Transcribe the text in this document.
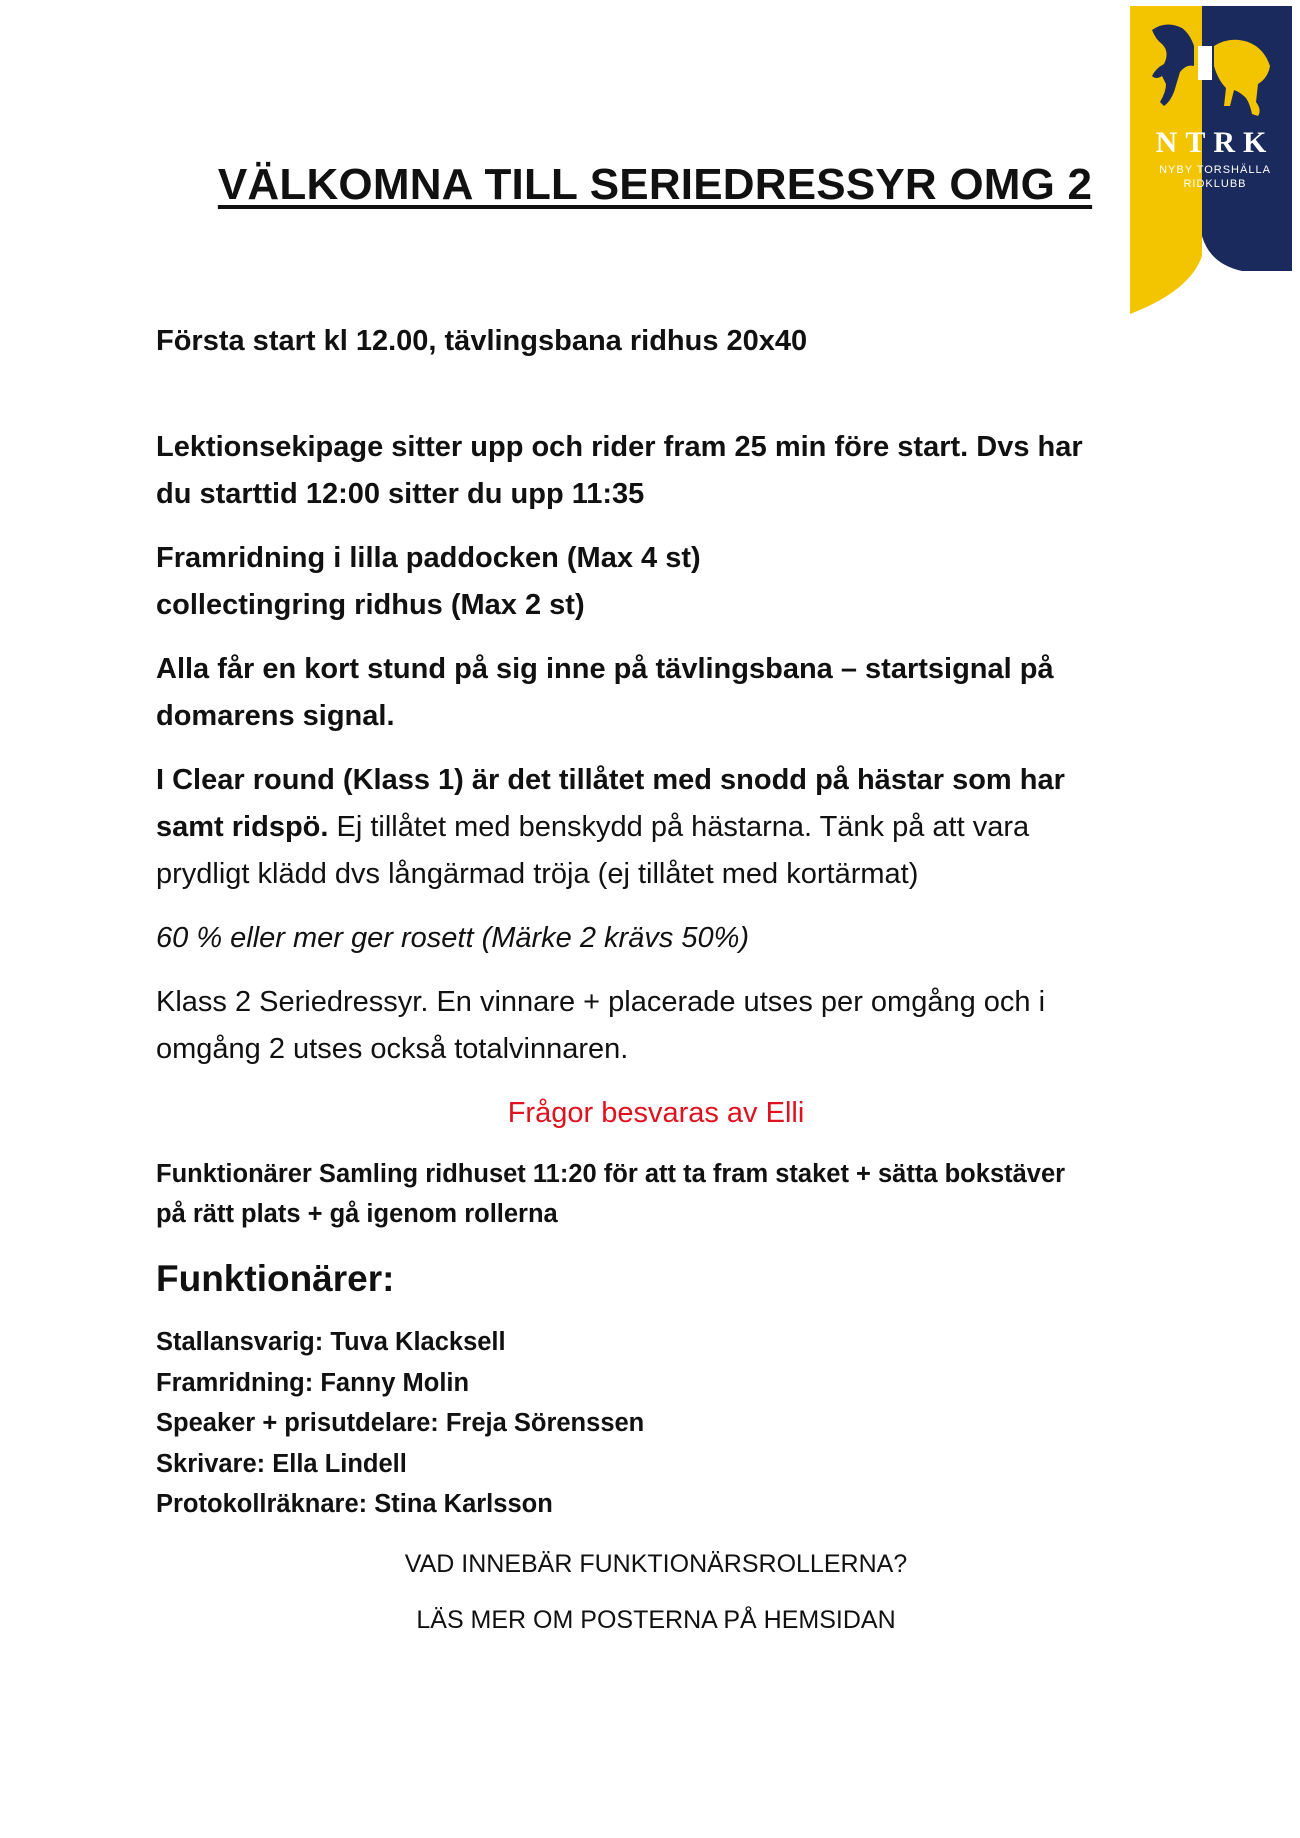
NTRK
NYBY TORSHÄLLA
RIDKLUBB
VÄLKOMNA TILL SERIEDRESSYR OMG 2

Första start kl 12.00, tävlingsbana ridhus 20x40

Lektionsekipage sitter upp och rider fram 25 min före start. Dvs har

du starttid 12:00 sitter du upp 11:35

Framridning i lilla paddocken (Max 4 st)

collectingring ridhus (Max 2 st)

Alla får en kort stund på sig inne på tävlingsbana – startsignal på

domarens signal.

I Clear round (Klass 1) är det tillåtet med snodd på hästar som har

samt ridspö. Ej tillåtet med benskydd på hästarna. Tänk på att vara

prydligt klädd dvs långärmad tröja (ej tillåtet med kortärmat)

60 % eller mer ger rosett (Märke 2 krävs 50%)

Klass 2 Seriedressyr. En vinnare + placerade utses per omgång och i

omgång 2 utses också totalvinnaren.

Frågor besvaras av Elli

Funktionärer Samling ridhuset 11:20 för att ta fram staket + sätta bokstäver

på rätt plats + gå igenom rollerna

Funktionärer:

Stallansvarig: Tuva Klacksell

Framridning: Fanny Molin

Speaker + prisutdelare: Freja Sörenssen

Skrivare: Ella Lindell

Protokollräknare: Stina Karlsson

VAD INNEBÄR FUNKTIONÄRSROLLERNA?

LÄS MER OM POSTERNA PÅ HEMSIDAN
